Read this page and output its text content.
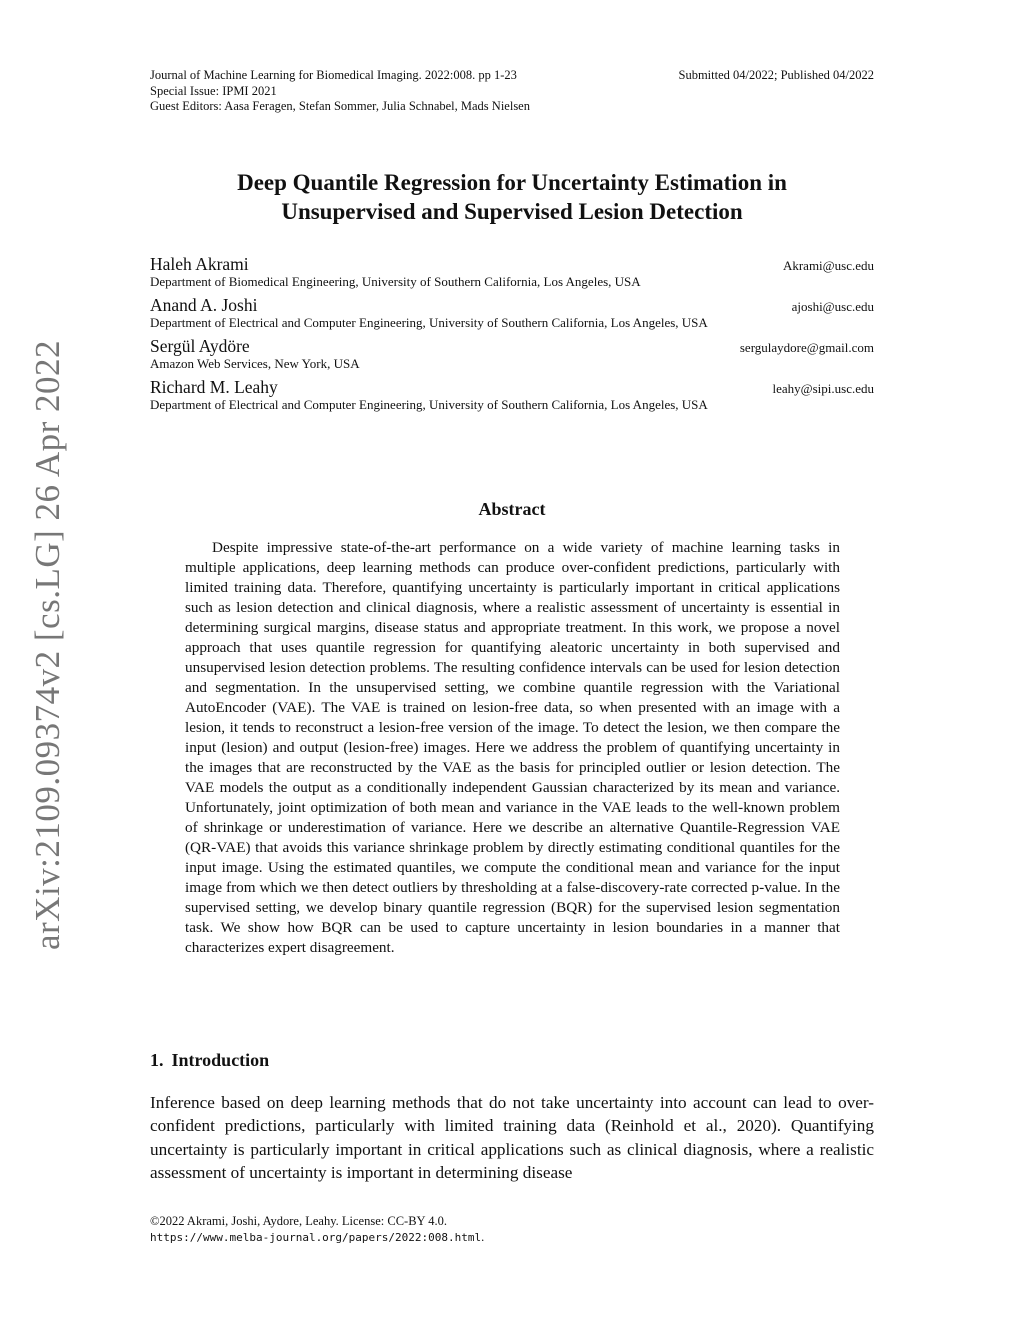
arXiv:2109.09374v2 [cs.LG] 26 Apr 2022
Journal of Machine Learning for Biomedical Imaging. 2022:008. pp 1-23	Submitted 04/2022; Published 04/2022
Special Issue: IPMI 2021
Guest Editors: Aasa Feragen, Stefan Sommer, Julia Schnabel, Mads Nielsen
Deep Quantile Regression for Uncertainty Estimation in
Unsupervised and Supervised Lesion Detection
Haleh Akrami	Akrami@usc.edu
Department of Biomedical Engineering, University of Southern California, Los Angeles, USA
Anand A. Joshi	ajoshi@usc.edu
Department of Electrical and Computer Engineering, University of Southern California, Los Angeles, USA
Sergül Aydöre	sergulaydore@gmail.com
Amazon Web Services, New York, USA
Richard M. Leahy	leahy@sipi.usc.edu
Department of Electrical and Computer Engineering, University of Southern California, Los Angeles, USA
Abstract
Despite impressive state-of-the-art performance on a wide variety of machine learning tasks in multiple applications, deep learning methods can produce over-confident predictions, particularly with limited training data. Therefore, quantifying uncertainty is particularly important in critical applications such as lesion detection and clinical diagnosis, where a realistic assessment of uncertainty is essential in determining surgical margins, disease status and appropriate treatment. In this work, we propose a novel approach that uses quantile regression for quantifying aleatoric uncertainty in both supervised and unsupervised lesion detection problems. The resulting confidence intervals can be used for lesion detection and segmentation. In the unsupervised setting, we combine quantile regression with the Variational AutoEncoder (VAE). The VAE is trained on lesion-free data, so when presented with an image with a lesion, it tends to reconstruct a lesion-free version of the image. To detect the lesion, we then compare the input (lesion) and output (lesion-free) images. Here we address the problem of quantifying uncertainty in the images that are reconstructed by the VAE as the basis for principled outlier or lesion detection. The VAE models the output as a conditionally independent Gaussian characterized by its mean and variance. Unfortunately, joint optimization of both mean and variance in the VAE leads to the well-known problem of shrinkage or underestimation of variance. Here we describe an alternative Quantile-Regression VAE (QR-VAE) that avoids this variance shrinkage problem by directly estimating conditional quantiles for the input image. Using the estimated quantiles, we compute the conditional mean and variance for the input image from which we then detect outliers by thresholding at a false-discovery-rate corrected p-value. In the supervised setting, we develop binary quantile regression (BQR) for the supervised lesion segmentation task. We show how BQR can be used to capture uncertainty in lesion boundaries in a manner that characterizes expert disagreement.
1. Introduction
Inference based on deep learning methods that do not take uncertainty into account can lead to over-confident predictions, particularly with limited training data (Reinhold et al., 2020). Quantifying uncertainty is particularly important in critical applications such as clinical diagnosis, where a realistic assessment of uncertainty is important in determining disease
©2022 Akrami, Joshi, Aydore, Leahy. License: CC-BY 4.0.
https://www.melba-journal.org/papers/2022:008.html.
